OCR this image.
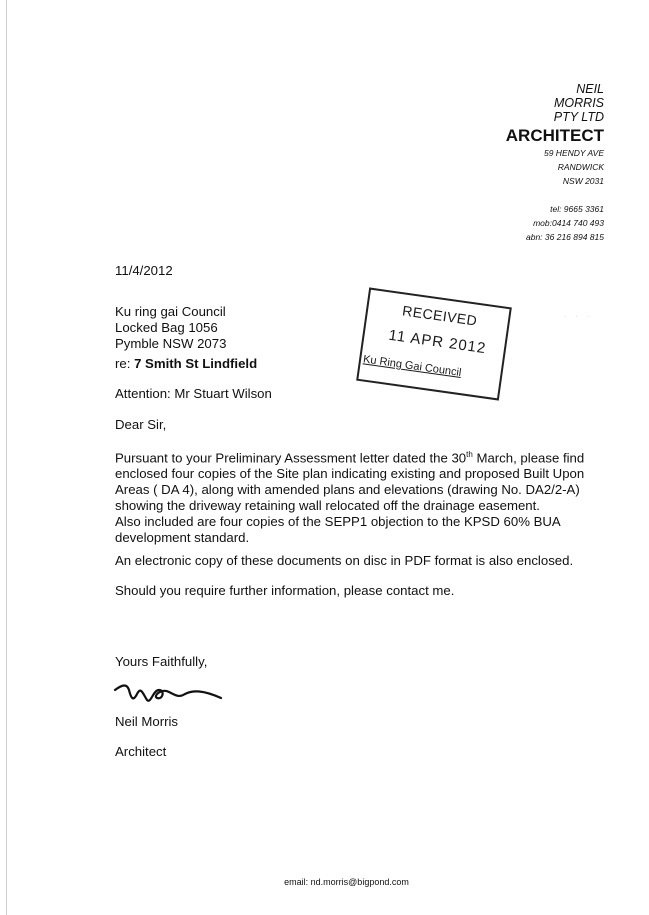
NEIL
MORRIS
PTY LTD
ARCHITECT
59 HENDY AVE
RANDWICK
NSW 2031
tel: 9665 3361
mob:0414 740 493
abn: 36 216 894 815
11/4/2012
Ku ring gai Council
Locked Bag 1056
Pymble NSW 2073
re: 7 Smith St Lindfield
Attention: Mr Stuart Wilson
Dear Sir,
Pursuant to your Preliminary Assessment letter dated the 30th March, please find enclosed four copies of the Site plan indicating existing and proposed Built Upon Areas ( DA 4), along with amended plans and elevations (drawing No. DA2/2-A) showing the driveway retaining wall relocated off the drainage easement.
Also included are four copies of the SEPP1 objection to the KPSD 60% BUA development standard.
An electronic copy of these documents on disc in PDF format is also enclosed.
Should you require further information, please contact me.
Yours Faithfully,
Neil Morris
Architect
RECEIVED
11 APR 2012
Ku Ring Gai Council
· · ·
email: nd.morris@bigpond.com
